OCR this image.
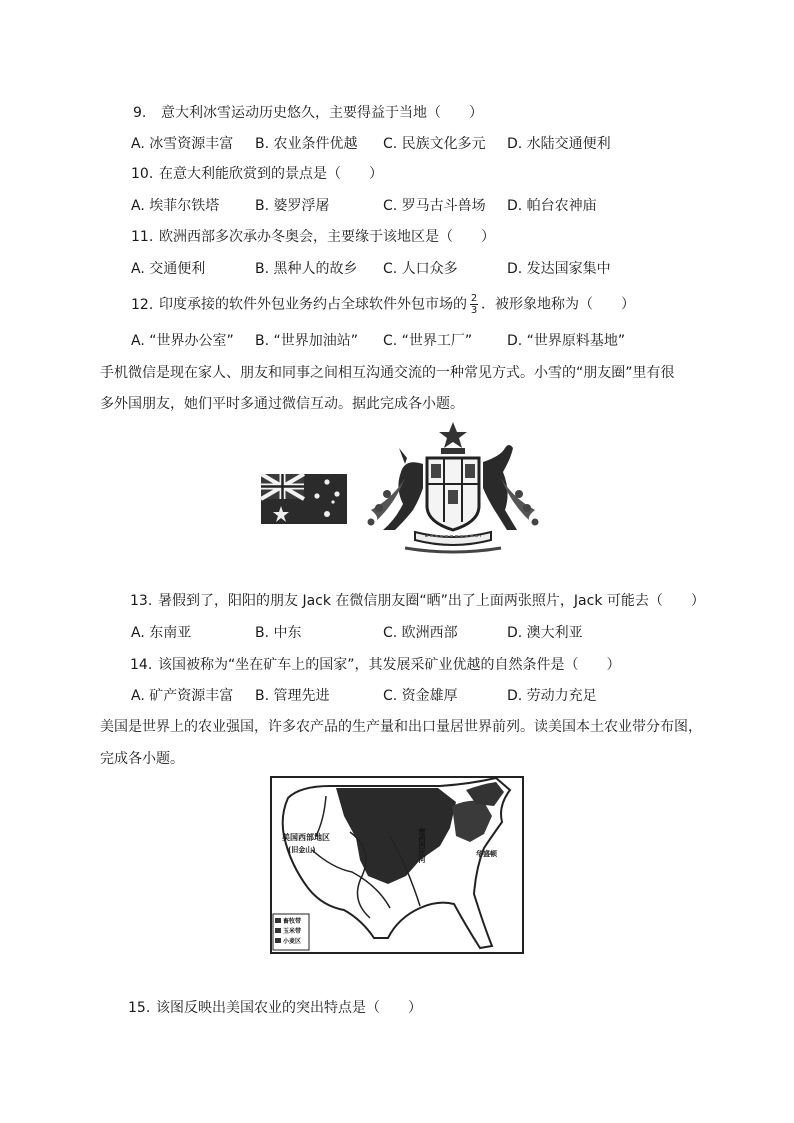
9. 意大利冰雪运动历史悠久，主要得益于当地（　　）
A. 冰雪资源丰富 B. 农业条件优越 C. 民族文化多元 D. 水陆交通便利
10. 在意大利能欣赏到的景点是（　　）
A. 埃菲尔铁塔	B. 婆罗浮屠	C. 罗马古斗兽场 D. 帕台农神庙
11. 欧洲西部多次承办冬奥会，主要缘于该地区是（　　）
A. 交通便利	B. 黑种人的故乡 C. 人口众多	D. 发达国家集中
12. 印度承接的软件外包业务约占全球软件外包市场的 $\frac{2}{3}$ ．被形象地称为（　　）
A. “世界办公室” B. “世界加油站” C. “世界工厂” D. “世界原料基地”
手机微信是现在家人、朋友和同事之间相互沟通交流的一种常见方式。小雪的“朋友圈”里有很
多外国朋友，她们平时多通过微信互动。据此完成各小题。
13. 暑假到了，阳阳的朋友 Jack 在微信朋友圈“晒”出了上面两张照片，Jack 可能去（　　）
A. 东南亚	B. 中东	C. 欧洲西部	D. 澳大利亚
14. 该国被称为“坐在矿车上的国家”，其发展采矿业优越的自然条件是（　　）
A. 矿产资源丰富 B. 管理先进	C. 资金雄厚	D. 劳动力充足
美国是世界上的农业强国，许多农产品的生产量和出口量居世界前列。读美国本土农业带分布图，
完成各小题。
美国西部地区
(旧金山)	密西西比河	华盛顿
畜牧带
玉米带
小麦区
15. 该图反映出美国农业的突出特点是（　　）
